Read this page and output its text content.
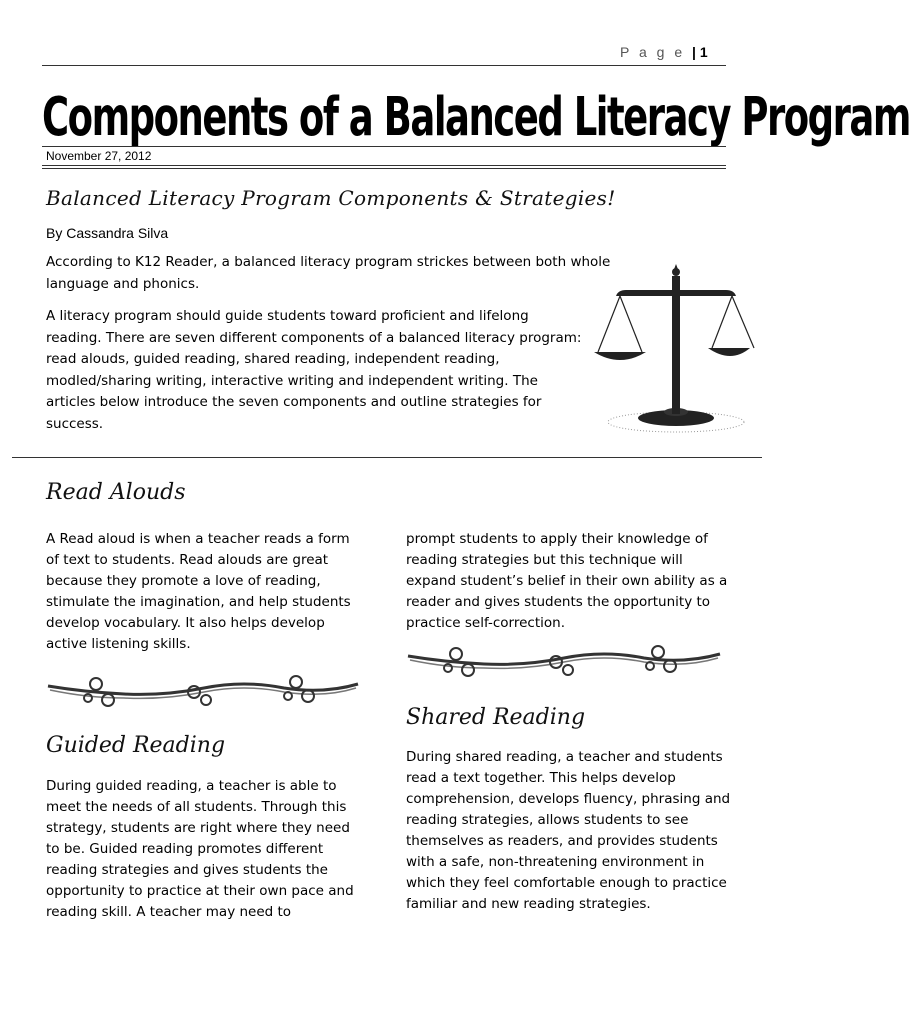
P a g e | 1
Components of a Balanced Literacy Program
November 27, 2012
Balanced Literacy Program Components & Strategies!
By Cassandra Silva
According to K12 Reader, a balanced literacy program strickes between both whole language and phonics.
A literacy program should guide students toward proficient and lifelong reading. There are seven different components of a balanced literacy program: read alouds, guided reading, shared reading, independent reading, modled/sharing writing, interactive writing and independent writing. The articles below introduce the seven components and outline strategies for success.
Read Alouds
A Read aloud is when a teacher reads a form of text to students. Read alouds are great because they promote a love of reading, stimulate the imagination, and help students develop vocabulary. It also helps develop active listening skills.
Guided Reading
During guided reading, a teacher is able to meet the needs of all students. Through this strategy, students are right where they need to be. Guided reading promotes different reading strategies and gives students the opportunity to practice at their own pace and reading skill. A teacher may need to
prompt students to apply their knowledge of reading strategies but this technique will expand student’s belief in their own ability as a reader and gives students the opportunity to practice self-correction.
Shared Reading
During shared reading, a teacher and students read a text together. This helps develop comprehension, develops fluency, phrasing and reading strategies, allows students to see themselves as readers, and provides students with a safe, non-threatening environment in which they feel comfortable enough to practice familiar and new reading strategies.
